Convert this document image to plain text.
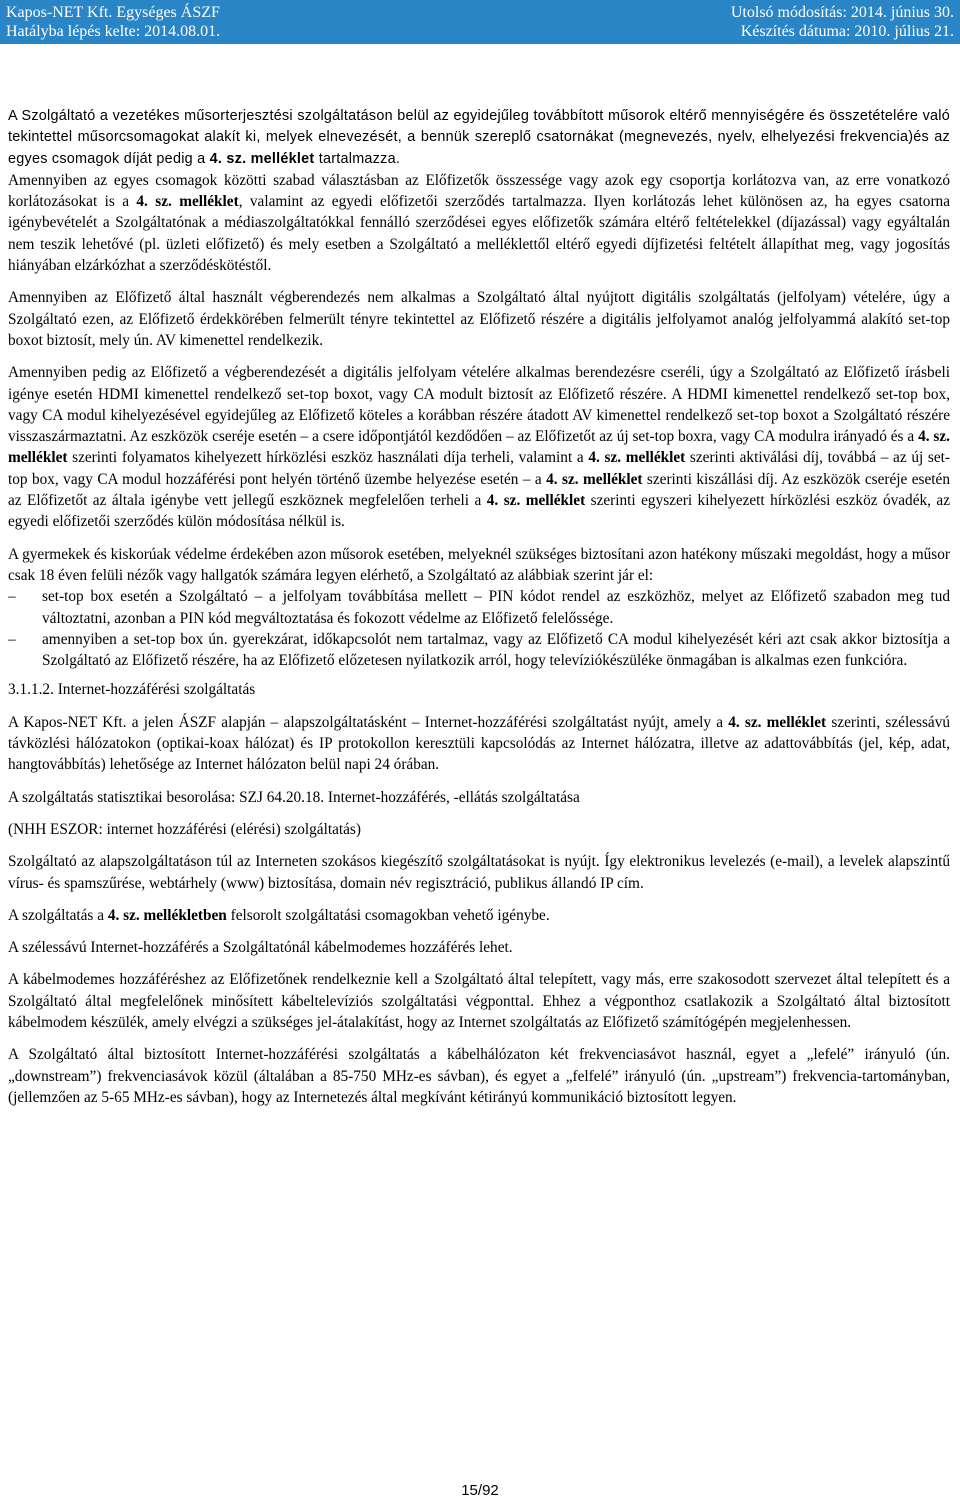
Kapos-NET Kft. Egységes ÁSZF
Hatályba lépés kelte: 2014.08.01.
Utolsó módosítás: 2014. június 30.
Készítés dátuma: 2010. július 21.

A Szolgáltató a vezetékes műsorterjesztési szolgáltatáson belül az egyidejűleg továbbított műsorok eltérő mennyiségére és összetételére való tekintettel műsorcsomagokat alakít ki, melyek elnevezését, a bennük szereplő csatornákat (megnevezés, nyelv, elhelyezési frekvencia)és az egyes csomagok díját pedig a 4. sz. melléklet tartalmazza.

Amennyiben az egyes csomagok közötti szabad választásban az Előfizetők összessége vagy azok egy csoportja korlátozva van, az erre vonatkozó korlátozásokat is a 4. sz. melléklet, valamint az egyedi előfizetői szerződés tartalmazza. Ilyen korlátozás lehet különösen az, ha egyes csatorna igénybevételét a Szolgáltatónak a médiaszolgáltatókkal fennálló szerződései egyes előfizetők számára eltérő feltételekkel (díjazással) vagy egyáltalán nem teszik lehetővé (pl. üzleti előfizető) és mely esetben a Szolgáltató a melléklettől eltérő egyedi díjfizetési feltételt állapíthat meg, vagy jogosítás hiányában elzárkózhat a szerződéskötéstől.

Amennyiben az Előfizető által használt végberendezés nem alkalmas a Szolgáltató által nyújtott digitális szolgáltatás (jelfolyam) vételére, úgy a Szolgáltató ezen, az Előfizető érdekkörében felmerült tényre tekintettel az Előfizető részére a digitális jelfolyamot analóg jelfolyammá alakító set-top boxot biztosít, mely ún. AV kimenettel rendelkezik.

Amennyiben pedig az Előfizető a végberendezését a digitális jelfolyam vételére alkalmas berendezésre cseréli, úgy a Szolgáltató az Előfizető írásbeli igénye esetén HDMI kimenettel rendelkező set-top boxot, vagy CA modult biztosít az Előfizető részére. A HDMI kimenettel rendelkező set-top box, vagy CA modul kihelyezésével egyidejűleg az Előfizető köteles a korábban részére átadott AV kimenettel rendelkező set-top boxot a Szolgáltató részére visszaszármaztatni. Az eszközök cseréje esetén – a csere időpontjától kezdődően – az Előfizetőt az új set-top boxra, vagy CA modulra irányadó és a 4. sz. melléklet szerinti folyamatos kihelyezett hírközlési eszköz használati díja terheli, valamint a 4. sz. melléklet szerinti aktiválási díj, továbbá – az új set-top box, vagy CA modul hozzáférési pont helyén történő üzembe helyezése esetén – a 4. sz. melléklet szerinti kiszállási díj. Az eszközök cseréje esetén az Előfizetőt az általa igénybe vett jellegű eszköznek megfelelően terheli a 4. sz. melléklet szerinti egyszeri kihelyezett hírközlési eszköz óvadék, az egyedi előfizetői szerződés külön módosítása nélkül is.

A gyermekek és kiskorúak védelme érdekében azon műsorok esetében, melyeknél szükséges biztosítani azon hatékony műszaki megoldást, hogy a műsor csak 18 éven felüli nézők vagy hallgatók számára legyen elérhető, a Szolgáltató az alábbiak szerint jár el:

– set-top box esetén a Szolgáltató – a jelfolyam továbbítása mellett – PIN kódot rendel az eszközhöz, melyet az Előfizető szabadon meg tud változtatni, azonban a PIN kód megváltoztatása és fokozott védelme az Előfizető felelőssége.
– amennyiben a set-top box ún. gyerekzárat, időkapcsolót nem tartalmaz, vagy az Előfizető CA modul kihelyezését kéri azt csak akkor biztosítja a Szolgáltató az Előfizető részére, ha az Előfizető előzetesen nyilatkozik arról, hogy televíziókészüléke önmagában is alkalmas ezen funkcióra.

3.1.1.2. Internet-hozzáférési szolgáltatás

A Kapos-NET Kft. a jelen ÁSZF alapján – alapszolgáltatásként – Internet-hozzáférési szolgáltatást nyújt, amely a 4. sz. melléklet szerinti, szélessávú távközlési hálózatokon (optikai-koax hálózat) és IP protokollon keresztüli kapcsolódás az Internet hálózatra, illetve az adattovábbítás (jel, kép, adat, hangtovábbítás) lehetősége az Internet hálózaton belül napi 24 órában.

A szolgáltatás statisztikai besorolása: SZJ 64.20.18. Internet-hozzáférés, -ellátás szolgáltatása

(NHH ESZOR: internet hozzáférési (elérési) szolgáltatás)

Szolgáltató az alapszolgáltatáson túl az Interneten szokásos kiegészítő szolgáltatásokat is nyújt. Így elektronikus levelezés (e-mail), a levelek alapszintű vírus- és spamszűrése, webtárhely (www) biztosítása, domain név regisztráció, publikus állandó IP cím.

A szolgáltatás a 4. sz. mellékletben felsorolt szolgáltatási csomagokban vehető igénybe.

A szélessávú Internet-hozzáférés a Szolgáltatónál kábelmodemes hozzáférés lehet.

A kábelmodemes hozzáféréshez az Előfizetőnek rendelkeznie kell a Szolgáltató által telepített, vagy más, erre szakosodott szervezet által telepített és a Szolgáltató által megfelelőnek minősített kábeltelevíziós szolgáltatási végponttal. Ehhez a végponthoz csatlakozik a Szolgáltató által biztosított kábelmodem készülék, amely elvégzi a szükséges jel-átalakítást, hogy az Internet szolgáltatás az Előfizető számítógépén megjelenhessen.

A Szolgáltató által biztosított Internet-hozzáférési szolgáltatás a kábelhálózaton két frekvenciasávot használ, egyet a „lefelé” irányuló (ún. „downstream”) frekvenciasávok közül (általában a 85-750 MHz-es sávban), és egyet a „felfelé” irányuló (ún. „upstream”) frekvencia-tartományban, (jellemzően az 5-65 MHz-es sávban), hogy az Internetezés által megkívánt kétirányú kommunikáció biztosított legyen.

15/92
